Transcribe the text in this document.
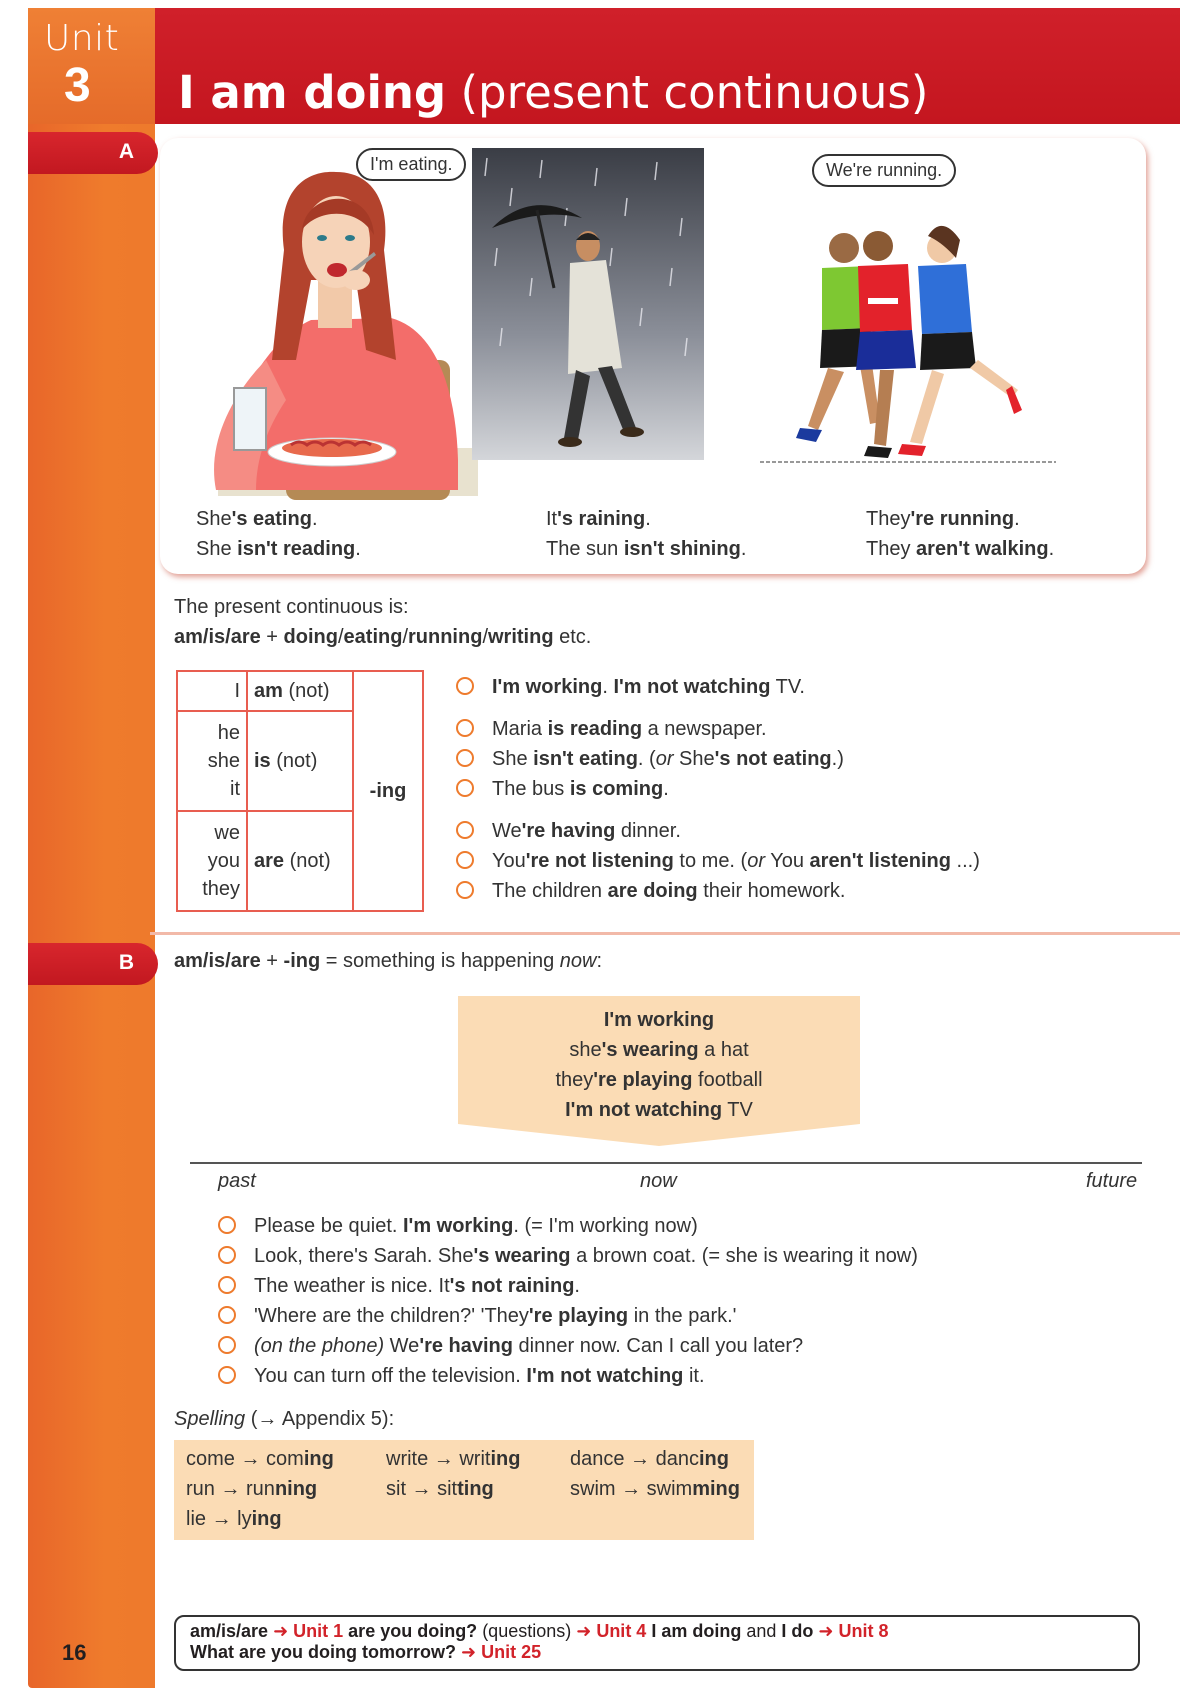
Unit
3 I am doing (present continuous)
A
B
I'm eating.	We're running.
She's eating.
She isn't reading.
It's raining.
The sun isn't shining.
They're running.
They aren't walking.
The present continuous is:
am/is/are + doing/eating/running/writing etc.
I	am (not)	-ing
he
she
it	is (not)	
we
you
they	are (not)	
I'm working. I'm not watching TV.
Maria is reading a newspaper.
She isn't eating. (or She's not eating.)
The bus is coming.
We're having dinner.
You're not listening to me. (or You aren't listening ...)
The children are doing their homework.
am/is/are + -ing = something is happening now:
I'm working
she's wearing a hat
they're playing football
I'm not watching TV
past	now	future
Please be quiet. I'm working. (= I'm working now)
Look, there's Sarah. She's wearing a brown coat. (= she is wearing it now)
The weather is nice. It's not raining.
'Where are the children?' 'They're playing in the park.'
(on the phone) We're having dinner now. Can I call you later?
You can turn off the television. I'm not watching it.
Spelling (→ Appendix 5):
come → coming	write → writing dance → dancing
run → running	sit → sitting	swim → swimming
lie → lying
am/is/are ➜ Unit 1 are you doing? (questions) ➜ Unit 4 I am doing and I do ➜ Unit 8
What are you doing tomorrow? ➜ Unit 25
16
